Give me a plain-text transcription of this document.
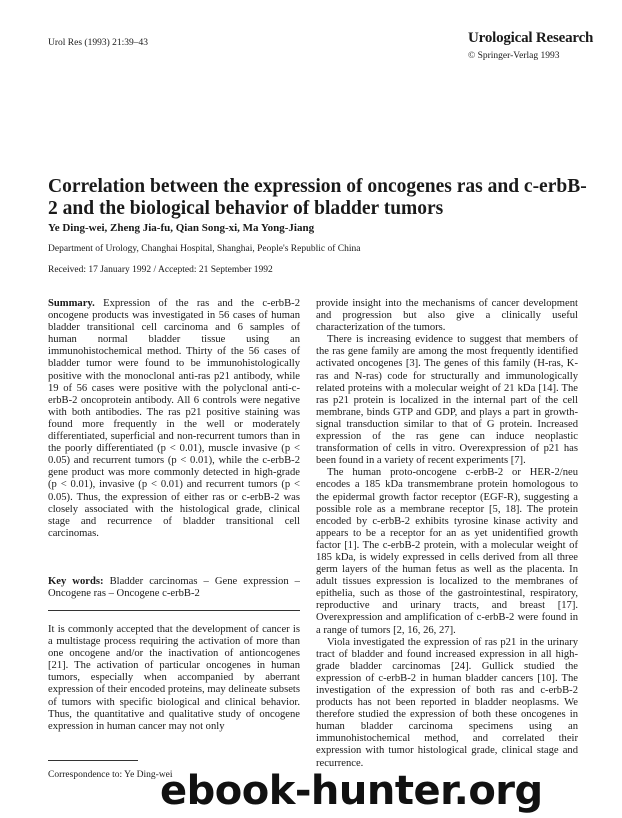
Urol Res (1993) 21:39–43	Urological Research
© Springer-Verlag 1993
Correlation between the expression of oncogenes ras and c-erbB-2 and the biological behavior of bladder tumors
Ye Ding-wei, Zheng Jia-fu, Qian Song-xi, Ma Yong-Jiang
Department of Urology, Changhai Hospital, Shanghai, People's Republic of China
Received: 17 January 1992 / Accepted: 21 September 1992

Summary. Expression of the ras and the c-erbB-2 oncogene products was investigated in 56 cases of human bladder transitional cell carcinoma and 6 samples of human normal bladder tissue using an immunohistochemical method. Thirty of the 56 cases of bladder tumor were found to be immunohistologically positive with the monoclonal anti-ras p21 antibody, while 19 of 56 cases were positive with the polyclonal anti-c-erbB-2 oncoprotein antibody. All 6 controls were negative with both antibodies. The ras p21 positive staining was found more frequently in the well or moderately differentiated, superficial and non-recurrent tumors than in the poorly differentiated (p < 0.01), muscle invasive (p < 0.05) and recurrent tumors (p < 0.01), while the c-erbB-2 gene product was more commonly detected in high-grade (p < 0.01), invasive (p < 0.01) and recurrent tumors (p < 0.05). Thus, the expression of either ras or c-erbB-2 was closely associated with the histological grade, clinical stage and recurrence of bladder transitional cell carcinomas.

Key words: Bladder carcinomas – Gene expression – Oncogene ras – Oncogene c-erbB-2

It is commonly accepted that the development of cancer is a multistage process requiring the activation of more than one oncogene and/or the inactivation of antioncogenes [21]. The activation of particular oncogenes in human tumors, especially when accompanied by aberrant expression of their encoded proteins, may delineate subsets of tumors with specific biological and clinical behavior. Thus, the quantitative and qualitative study of oncogene expression in human cancer may not only

Correspondence to: Ye Ding-wei

provide insight into the mechanisms of cancer development and progression but also give a clinically useful characterization of the tumors.

There is increasing evidence to suggest that members of the ras gene family are among the most frequently identified activated oncogenes [3]. The genes of this family (H-ras, K-ras and N-ras) code for structurally and immunologically related proteins with a molecular weight of 21 kDa [14]. The ras p21 protein is localized in the internal part of the cell membrane, binds GTP and GDP, and plays a part in growth-signal transduction similar to that of G protein. Increased expression of the ras gene can induce neoplastic transformation of cells in vitro. Overexpression of p21 has been found in a variety of recent experiments [7].

The human proto-oncogene c-erbB-2 or HER-2/neu encodes a 185 kDa transmembrane protein homologous to the epidermal growth factor receptor (EGF-R), suggesting a possible role as a membrane receptor [5, 18]. The protein encoded by c-erbB-2 exhibits tyrosine kinase activity and appears to be a receptor for an as yet unidentified growth factor [1]. The c-erbB-2 protein, with a molecular weight of 185 kDa, is widely expressed in cells derived from all three germ layers of the human fetus as well as the placenta. In adult tissues expression is localized to the membranes of epithelia, such as those of the gastrointestinal, respiratory, reproductive and urinary tracts, and breast [17]. Overexpression and amplification of c-erbB-2 were found in a range of tumors [2, 16, 26, 27].

Viola investigated the expression of ras p21 in the urinary tract of bladder and found increased expression in all high-grade bladder carcinomas [24]. Gullick studied the expression of c-erbB-2 in human bladder cancers [10]. The investigation of the expression of both ras and c-erbB-2 products has not been reported in bladder neoplasms. We therefore studied the expression of both these oncogenes in human bladder carcinoma specimens using an immunohistochemical method, and correlated their expression with tumor histological grade, clinical stage and recurrence.

ebook-hunter.org
